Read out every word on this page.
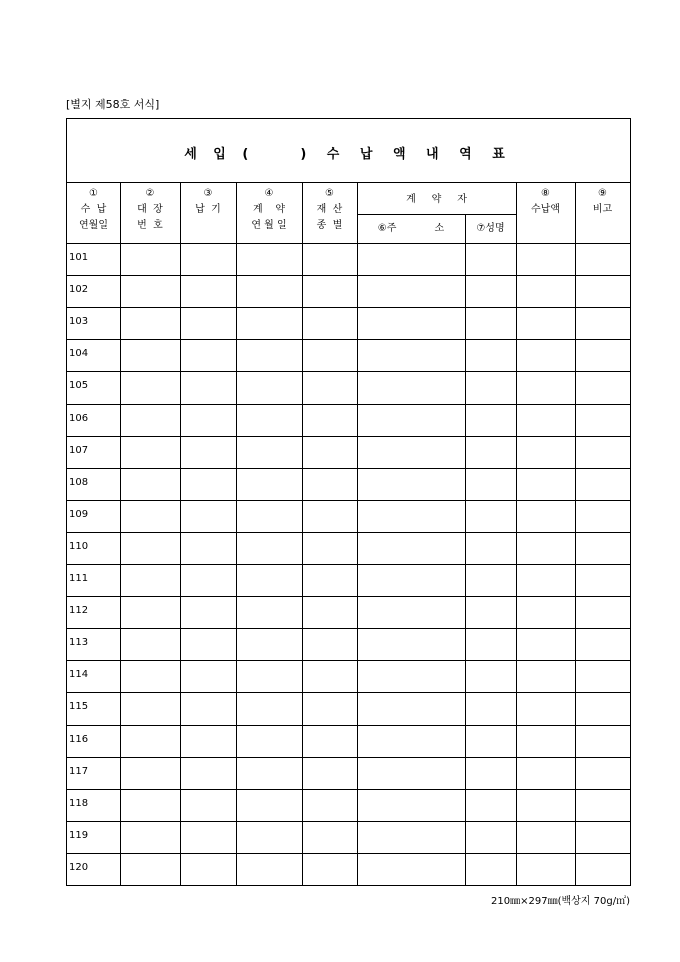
[별지 제58호 서식]
세 입 (	) 수 납 액 내 역 표
①
수  납
연월일
②
대  장
번  호
③
납  기
④
계    약
연 월 일
⑤
재  산
종  별
계     약     자
⑥주            소	⑦성명
⑧
수납액
⑨
비고
101
102
103
104
105
106
107
108
109
110
111
112
113
114
115
116
117
118
119
120
210㎜×297㎜(백상지 70g/㎡)
